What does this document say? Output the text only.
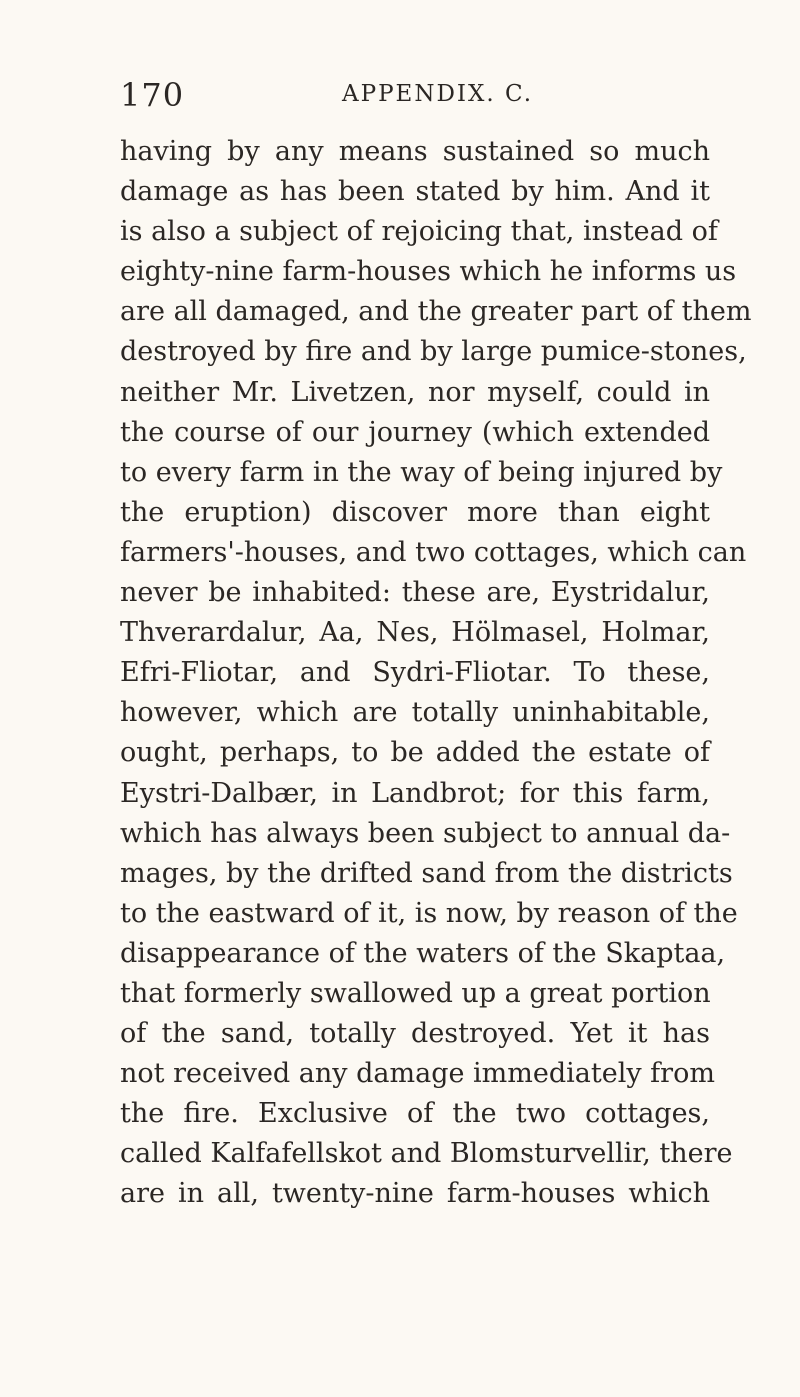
170	APPENDIX. C.
having by any means sustained so much
damage as has been stated by him. And it
is also a subject of rejoicing that, instead of
eighty-nine farm-houses which he informs us
are all damaged, and the greater part of them
destroyed by fire and by large pumice-stones,
neither Mr. Livetzen, nor myself, could in
the course of our journey (which extended
to every farm in the way of being injured by
the eruption) discover more than eight
farmers'-houses, and two cottages, which can
never be inhabited: these are, Eystridalur,
Thverardalur, Aa, Nes, Hölmasel, Holmar,
Efri-Fliotar, and Sydri-Fliotar. To these,
however, which are totally uninhabitable,
ought, perhaps, to be added the estate of
Eystri-Dalbær, in Landbrot; for this farm,
which has always been subject to annual da-
mages, by the drifted sand from the districts
to the eastward of it, is now, by reason of the
disappearance of the waters of the Skaptaa,
that formerly swallowed up a great portion
of the sand, totally destroyed. Yet it has
not received any damage immediately from
the fire. Exclusive of the two cottages,
called Kalfafellskot and Blomsturvellir, there
are in all, twenty-nine farm-houses which
